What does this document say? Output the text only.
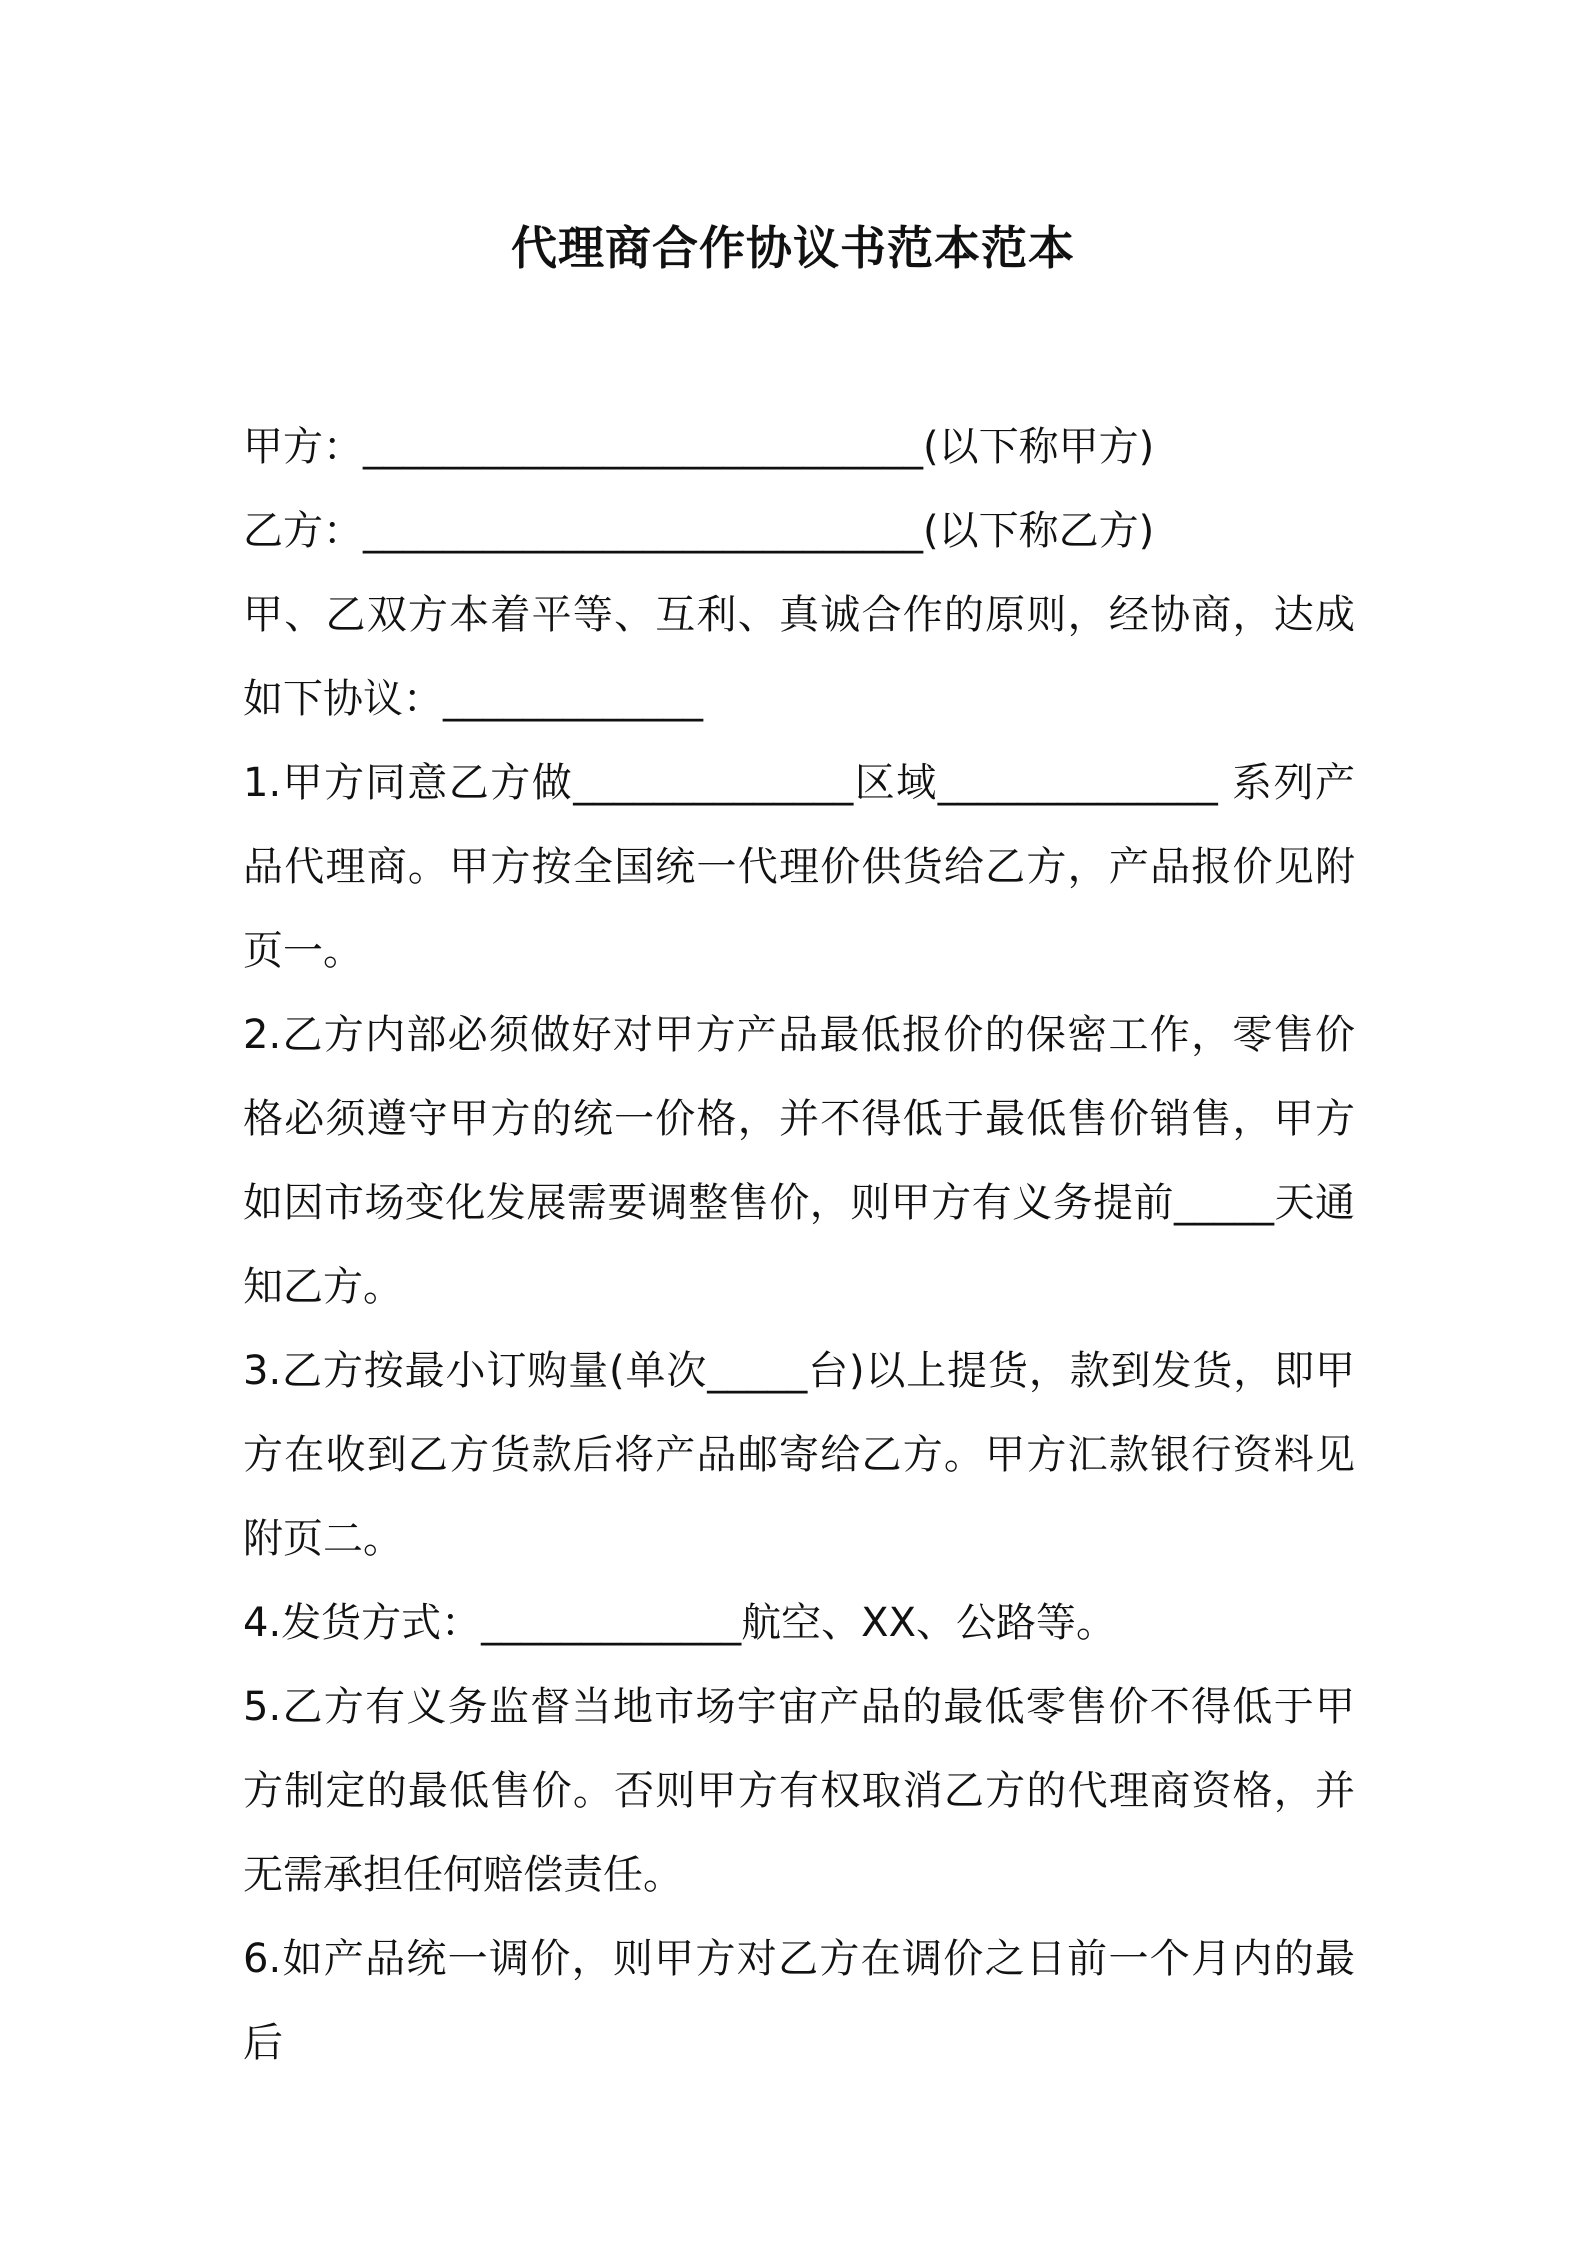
代理商合作协议书范本范本

甲方：____________________________(以下称甲方)

乙方：____________________________(以下称乙方)

甲、乙双方本着平等、互利、真诚合作的原则，经协商，达成如下协议：_____________

1.甲方同意乙方做______________区域______________ 系列产品代理商。甲方按全国统一代理价供货给乙方，产品报价见附页一。

2.乙方内部必须做好对甲方产品最低报价的保密工作，零售价格必须遵守甲方的统一价格，并不得低于最低售价销售，甲方如因市场变化发展需要调整售价，则甲方有义务提前_____天通知乙方。

3.乙方按最小订购量(单次_____台)以上提货，款到发货，即甲方在收到乙方货款后将产品邮寄给乙方。甲方汇款银行资料见附页二。

4.发货方式：_____________航空、XX、公路等。

5.乙方有义务监督当地市场宇宙产品的最低零售价不得低于甲方制定的最低售价。否则甲方有权取消乙方的代理商资格，并无需承担任何赔偿责任。

6.如产品统一调价，则甲方对乙方在调价之日前一个月内的最后
